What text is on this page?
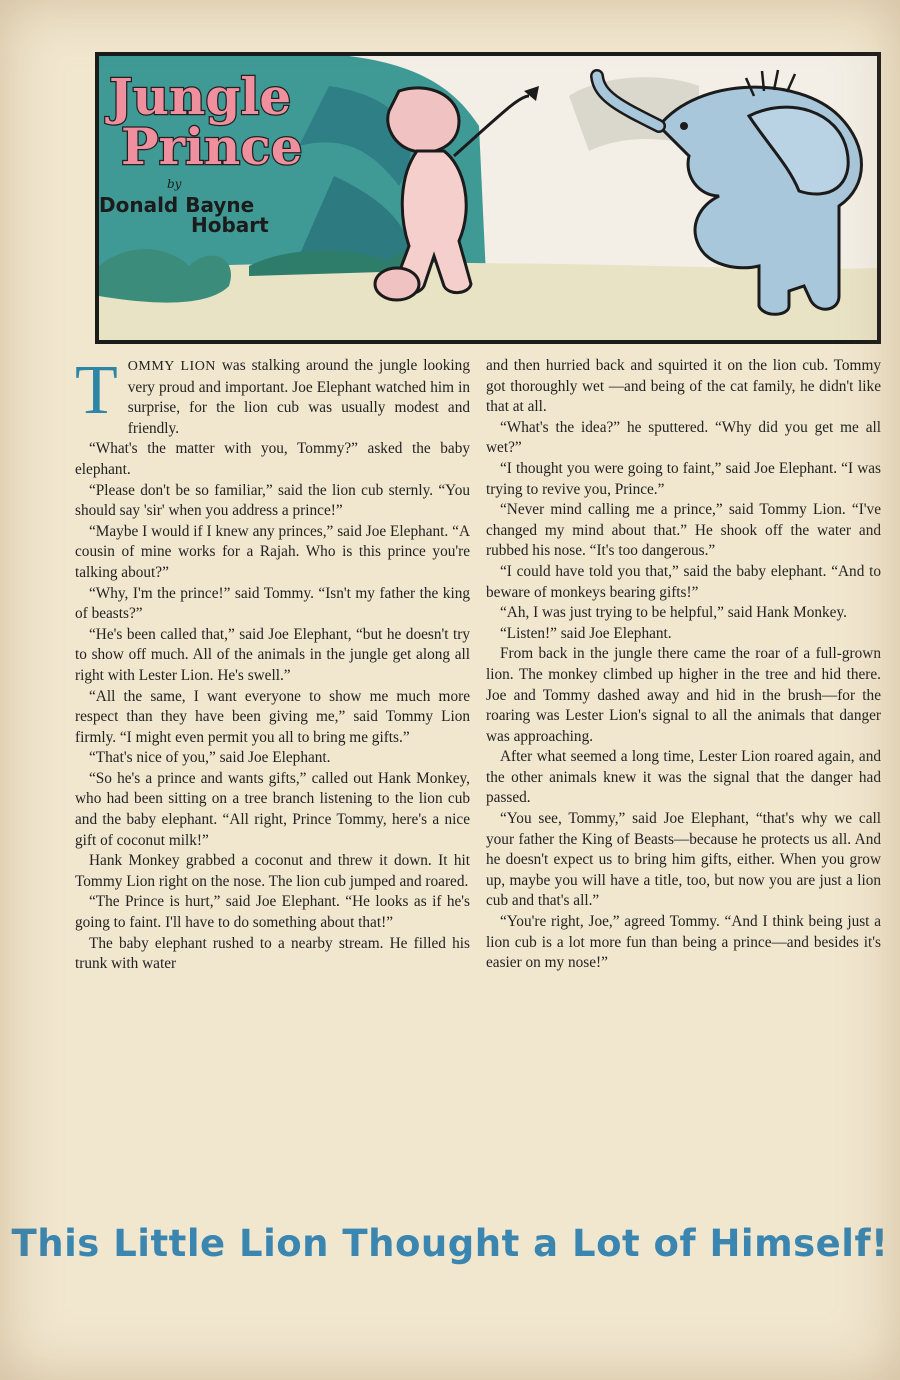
Jungle
Prince
by
Donald Bayne
Hobart

TOMMY LION was stalking around the jungle looking very proud and important. Joe Elephant watched him in surprise, for the lion cub was usually modest and friendly.

“What's the matter with you, Tommy?” asked the baby elephant.

“Please don't be so familiar,” said the lion cub sternly. “You should say 'sir' when you address a prince!”

“Maybe I would if I knew any princes,” said Joe Elephant. “A cousin of mine works for a Rajah. Who is this prince you're talking about?”

“Why, I'm the prince!” said Tommy. “Isn't my father the king of beasts?”

“He's been called that,” said Joe Elephant, “but he doesn't try to show off much. All of the animals in the jungle get along all right with Lester Lion. He's swell.”

“All the same, I want everyone to show me much more respect than they have been giving me,” said Tommy Lion firmly. “I might even permit you all to bring me gifts.”

“That's nice of you,” said Joe Elephant.

“So he's a prince and wants gifts,” called out Hank Monkey, who had been sitting on a tree branch listening to the lion cub and the baby elephant. “All right, Prince Tommy, here's a nice gift of coconut milk!”

Hank Monkey grabbed a coconut and threw it down. It hit Tommy Lion right on the nose. The lion cub jumped and roared.

“The Prince is hurt,” said Joe Elephant. “He looks as if he's going to faint. I'll have to do something about that!”

The baby elephant rushed to a nearby stream. He filled his trunk with water

and then hurried back and squirted it on the lion cub. Tommy got thoroughly wet —and being of the cat family, he didn't like that at all.

“What's the idea?” he sputtered. “Why did you get me all wet?”

“I thought you were going to faint,” said Joe Elephant. “I was trying to revive you, Prince.”

“Never mind calling me a prince,” said Tommy Lion. “I've changed my mind about that.” He shook off the water and rubbed his nose. “It's too dangerous.”

“I could have told you that,” said the baby elephant. “And to beware of monkeys bearing gifts!”

“Ah, I was just trying to be helpful,” said Hank Monkey.

“Listen!” said Joe Elephant.

From back in the jungle there came the roar of a full-grown lion. The monkey climbed up higher in the tree and hid there. Joe and Tommy dashed away and hid in the brush—for the roaring was Lester Lion's signal to all the animals that danger was approaching.

After what seemed a long time, Lester Lion roared again, and the other animals knew it was the signal that the danger had passed.

“You see, Tommy,” said Joe Elephant, “that's why we call your father the King of Beasts—because he protects us all. And he doesn't expect us to bring him gifts, either. When you grow up, maybe you will have a title, too, but now you are just a lion cub and that's all.”

“You're right, Joe,” agreed Tommy. “And I think being just a lion cub is a lot more fun than being a prince—and besides it's easier on my nose!”

This Little Lion Thought a Lot of Himself!
